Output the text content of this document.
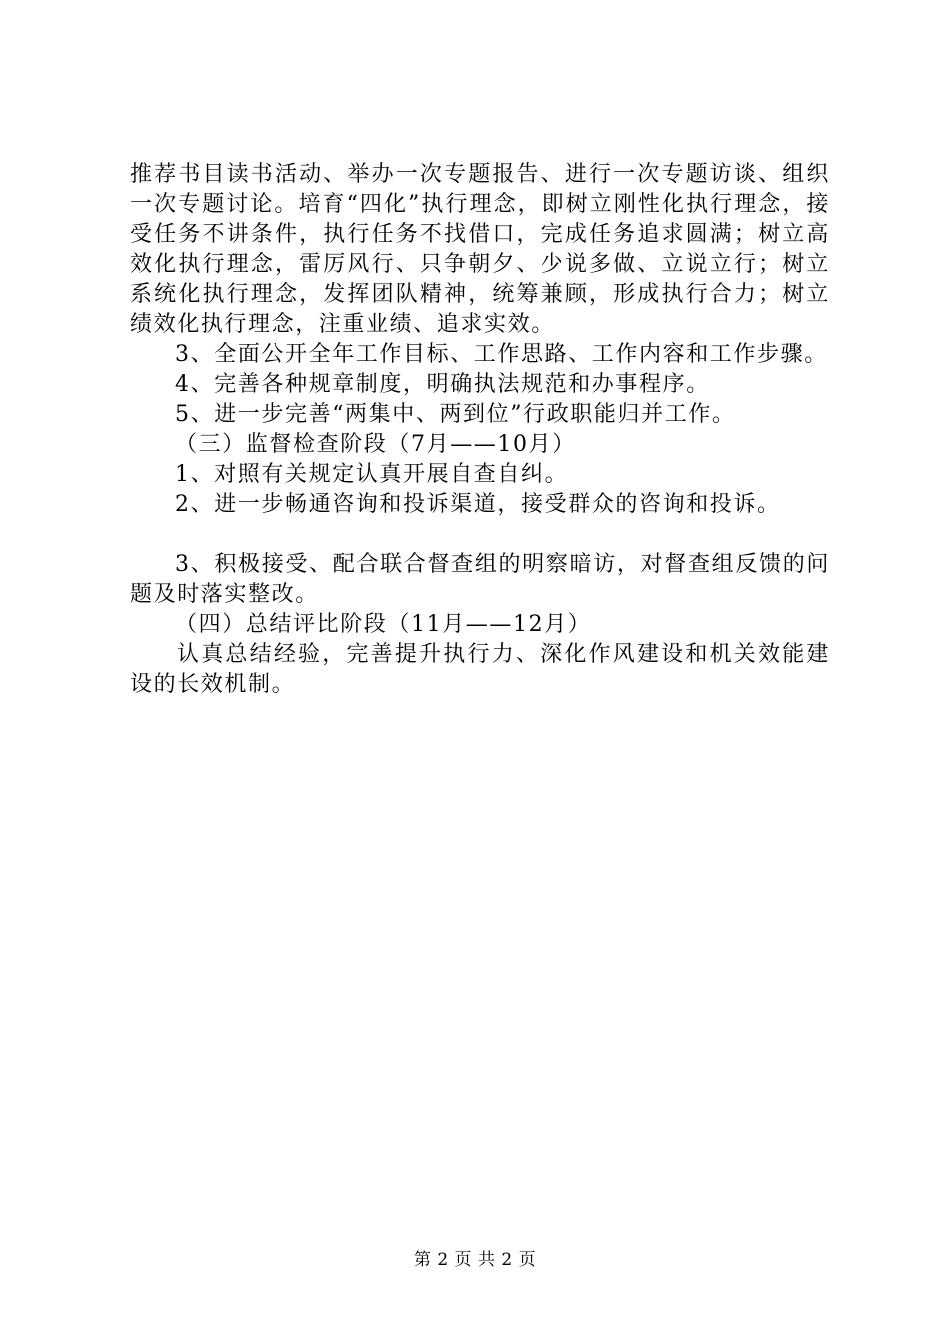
推荐书目读书活动、举办一次专题报告、进行一次专题访谈、组织一次专题讨论。培育“四化”执行理念，即树立刚性化执行理念，接受任务不讲条件，执行任务不找借口，完成任务追求圆满；树立高效化执行理念，雷厉风行、只争朝夕、少说多做、立说立行；树立系统化执行理念，发挥团队精神，统筹兼顾，形成执行合力；树立绩效化执行理念，注重业绩、追求实效。

3、全面公开全年工作目标、工作思路、工作内容和工作步骤。

4、完善各种规章制度，明确执法规范和办事程序。

5、进一步完善“两集中、两到位”行政职能归并工作。

（三）监督检查阶段（7月——10月）

1、对照有关规定认真开展自查自纠。

2、进一步畅通咨询和投诉渠道，接受群众的咨询和投诉。

3、积极接受、配合联合督查组的明察暗访，对督查组反馈的问题及时落实整改。

（四）总结评比阶段（11月——12月）

认真总结经验，完善提升执行力、深化作风建设和机关效能建设的长效机制。

第 2 页 共 2 页
